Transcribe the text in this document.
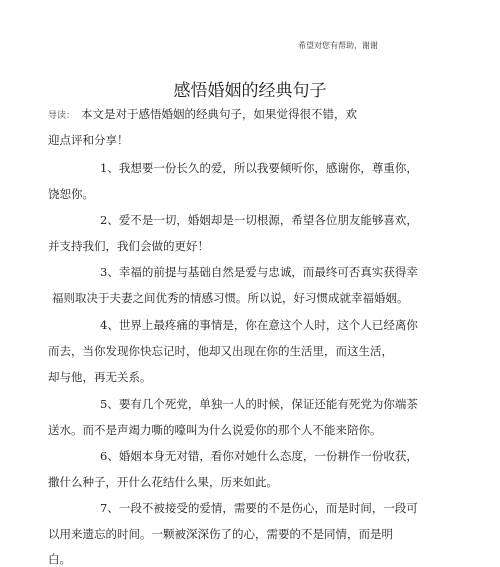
希望对您有帮助，谢谢
感悟婚姻的经典句子
导读： 本文是对于感悟婚姻的经典句子，如果觉得很不错，欢
迎点评和分享！
1、我想要一份长久的爱，所以我要倾听你，感谢你，尊重你，
饶恕你。
2、爱不是一切，婚姻却是一切根源，希望各位朋友能够喜欢，
并支持我们，我们会做的更好！
3、幸福的前提与基础自然是爱与忠诚，而最终可否真实获得幸
福则取决于夫妻之间优秀的情感习惯。所以说，好习惯成就幸福婚姻。
4、世界上最疼痛的事情是，你在意这个人时，这个人已经离你
而去，当你发现你快忘记时，他却又出现在你的生活里，而这生活，
却与他，再无关系。
5、要有几个死党，单独一人的时候，保证还能有死党为你端茶
送水。而不是声竭力嘶的嚎叫为什么说爱你的那个人不能来陪你。
6、婚姻本身无对错，看你对她什么态度，一份耕作一份收获，
撒什么种子，开什么花结什么果，历来如此。
7、一段不被接受的爱情，需要的不是伤心，而是时间，一段可
以用来遗忘的时间。一颗被深深伤了的心，需要的不是同情，而是明
白。
